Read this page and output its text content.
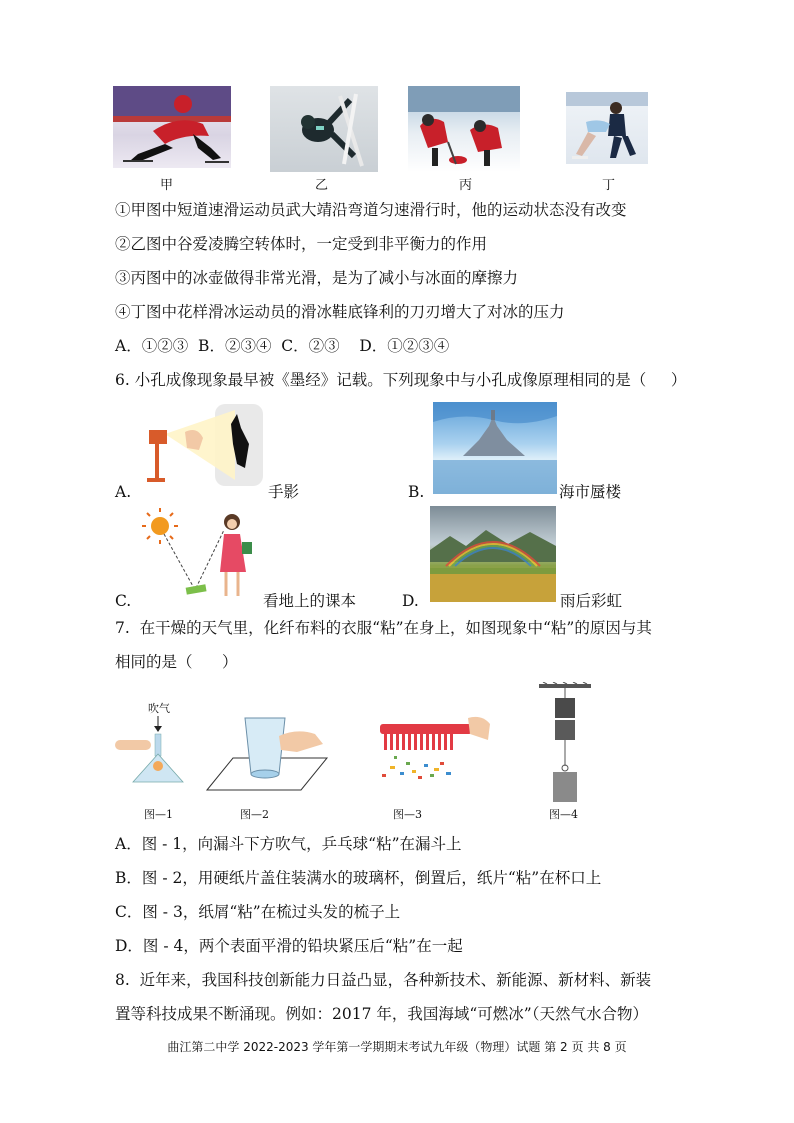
甲	乙	丙	丁
①甲图中短道速滑运动员武大靖沿弯道匀速滑行时，他的运动状态没有改变
②乙图中谷爱凌腾空转体时，一定受到非平衡力的作用
③丙图中的冰壶做得非常光滑，是为了减小与冰面的摩擦力
④丁图中花样滑冰运动员的滑冰鞋底锋利的刀刃增大了对冰的压力
A．①②③  B．②③④  C．②③    D．①②③④
6. 小孔成像现象最早被《墨经》记载。下列现象中与小孔成像原理相同的是（     ）
A.	手影	B.	海市蜃楼
C.	看地上的课本	D.	雨后彩虹
7.  在干燥的天气里，化纤布料的衣服“粘”在身上，如图现象中“粘”的原因与其
相同的是（      ）
吹气
图—1	图—2	图—3	图—4
A．图 - 1，向漏斗下方吹气，乒乓球“粘”在漏斗上
B．图 - 2，用硬纸片盖住装满水的玻璃杯，倒置后，纸片“粘”在杯口上
C．图 - 3，纸屑“粘”在梳过头发的梳子上
D．图 - 4，两个表面平滑的铅块紧压后“粘”在一起
8.  近年来，我国科技创新能力日益凸显，各种新技术、新能源、新材料、新装
置等科技成果不断涌现。例如：2017 年，我国海域“可燃冰”（天然气水合物）
曲江第二中学 2022-2023 学年第一学期期末考试九年级（物理）试题 第 2 页 共 8 页
